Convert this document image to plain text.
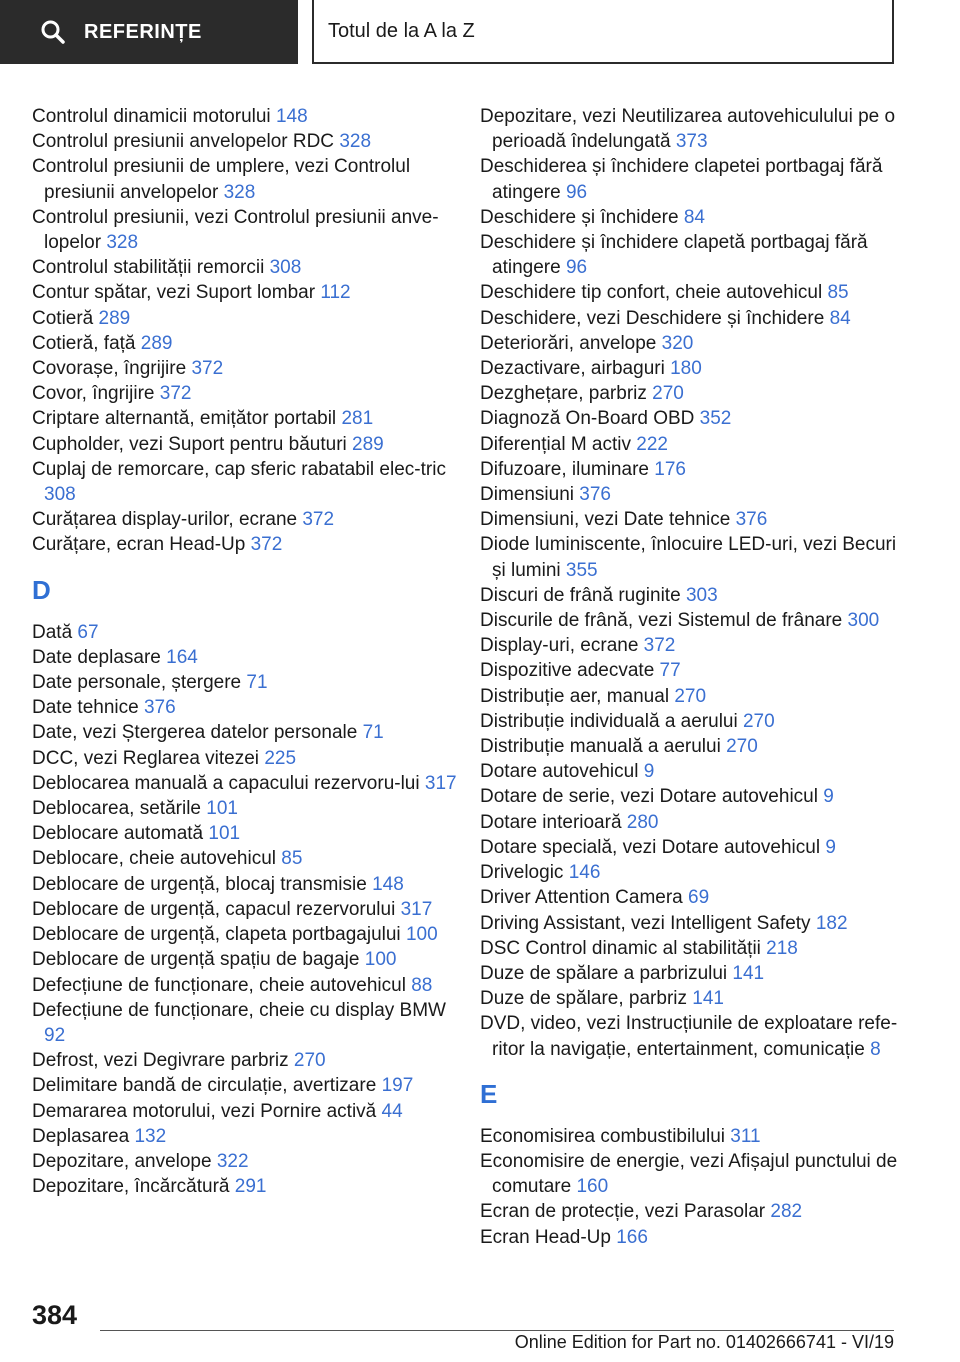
REFERINȚE	Totul de la A la Z
Controlul dinamicii motorului 148
Controlul presiunii anvelopelor RDC 328
Controlul presiunii de umplere, vezi Controlul presiunii anvelopelor 328
Controlul presiunii, vezi Controlul presiunii anve-lopelor 328
Controlul stabilității remorcii 308
Contur spătar, vezi Suport lombar 112
Cotieră 289
Cotieră, față 289
Covorașe, îngrijire 372
Covor, îngrijire 372
Criptare alternantă, emițător portabil 281
Cupholder, vezi Suport pentru băuturi 289
Cuplaj de remorcare, cap sferic rabatabil elec-tric 308
Curățarea display-urilor, ecrane 372
Curățare, ecran Head-Up 372
D
Dată 67
Date deplasare 164
Date personale, ștergere 71
Date tehnice 376
Date, vezi Ștergerea datelor personale 71
DCC, vezi Reglarea vitezei 225
Deblocarea manuală a capacului rezervoru-lui 317
Deblocarea, setările 101
Deblocare automată 101
Deblocare, cheie autovehicul 85
Deblocare de urgență, blocaj transmisie 148
Deblocare de urgență, capacul rezervorului 317
Deblocare de urgență, clapeta portbagajului 100
Deblocare de urgență spațiu de bagaje 100
Defecțiune de funcționare, cheie autovehicul 88
Defecțiune de funcționare, cheie cu display BMW 92
Defrost, vezi Degivrare parbriz 270
Delimitare bandă de circulație, avertizare 197
Demararea motorului, vezi Pornire activă 44
Deplasarea 132
Depozitare, anvelope 322
Depozitare, încărcătură 291
Depozitare, vezi Neutilizarea autovehiculului pe o perioadă îndelungată 373
Deschiderea și închidere clapetei portbagaj fără atingere 96
Deschidere și închidere 84
Deschidere și închidere clapetă portbagaj fără atingere 96
Deschidere tip confort, cheie autovehicul 85
Deschidere, vezi Deschidere și închidere 84
Deteriorări, anvelope 320
Dezactivare, airbaguri 180
Dezghețare, parbriz 270
Diagnoză On-Board OBD 352
Diferențial M activ 222
Difuzoare, iluminare 176
Dimensiuni 376
Dimensiuni, vezi Date tehnice 376
Diode luminiscente, înlocuire LED-uri, vezi Becuri și lumini 355
Discuri de frână ruginite 303
Discurile de frână, vezi Sistemul de frânare 300
Display-uri, ecrane 372
Dispozitive adecvate 77
Distribuție aer, manual 270
Distribuție individuală a aerului 270
Distribuție manuală a aerului 270
Dotare autovehicul 9
Dotare de serie, vezi Dotare autovehicul 9
Dotare interioară 280
Dotare specială, vezi Dotare autovehicul 9
Drivelogic 146
Driver Attention Camera 69
Driving Assistant, vezi Intelligent Safety 182
DSC Control dinamic al stabilității 218
Duze de spălare a parbrizului 141
Duze de spălare, parbriz 141
DVD, video, vezi Instrucțiunile de exploatare refe-ritor la navigație, entertainment, comunicație 8
E
Economisirea combustibilului 311
Economisire de energie, vezi Afișajul punctului de comutare 160
Ecran de protecție, vezi Parasolar 282
Ecran Head-Up 166
384
Online Edition for Part no. 01402666741 - VI/19
